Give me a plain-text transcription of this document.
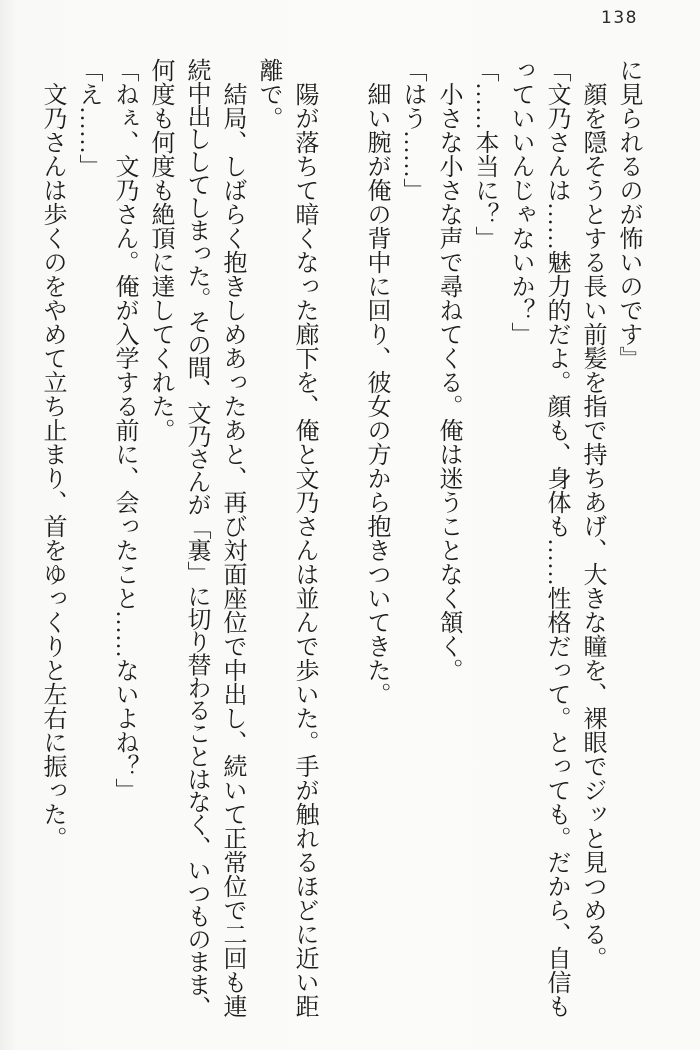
138
に見られるのが怖いのです』
顔を隠そうとする長い前髪を指で持ちあげ、大きな瞳を、裸眼でジッと見つめる。
「文乃さんは……魅力的だよ。顔も、身体も……性格だって。とっても。だから、自信も
っていいんじゃないか？」
「……本当に？」
小さな小さな声で尋ねてくる。俺は迷うことなく頷く。
「はう……」
細い腕が俺の背中に回り、彼女の方から抱きついてきた。
陽が落ちて暗くなった廊下を、俺と文乃さんは並んで歩いた。手が触れるほどに近い距
離で。
結局、しばらく抱きしめあったあと、再び対面座位で中出し、続いて正常位で二回も連
続中出ししてしまった。その間、文乃さんが「裏」に切り替わることはなく、いつものまま、
何度も何度も絶頂に達してくれた。
「ねぇ、文乃さん。俺が入学する前に、会ったこと……ないよね？」
「え……」
文乃さんは歩くのをやめて立ち止まり、首をゆっくりと左右に振った。
